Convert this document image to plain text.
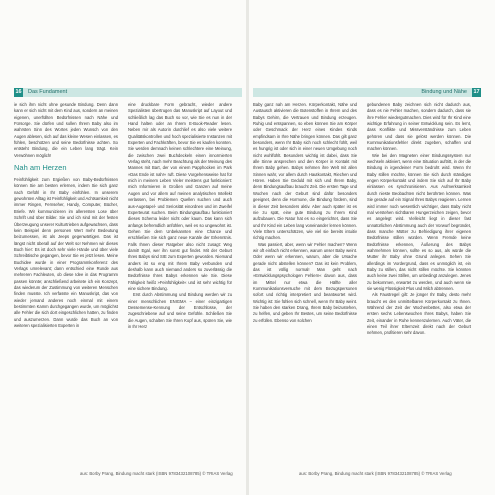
16 Das Fundament

ie sich ihm nicht ohne gesunde Bindung. Denn dann kann er sich nicht mit dem Kind aus, sondern an meinen eigenen, unerfüllten Bedürfnissen nach Nähe und Fürsorge. Sie dürfen und sollen Ihrem Baby also im wahrsten Sinn des Wortes jeden Wunsch von den Augen ablesen, sich auf das kleine Wesen einlassen, es fühlen, beschützen und seine Bedürfnisse achten. So entsteht Bindung, die ein Leben lang trägt. Kein Verwöhnen möglich!

Nah am Herzen

Feinfühligkeit zum Ergießen von Baby-Bedürfnissen können Sie am besten erlernen, indem Sie sich ganz nach Gefühl in Ihr Baby einfühlen. In unserem gewohnten Alltag ist Feinfühligkeit und Achtsamkeit nicht immer Ringen, Fernseher, Handy, Computer, Bücher, Briefe. Wir kommunizieren im allerersten Lose über Schrift und über Bilder. Sie und ich sind mit der festen Überzeugung unserer Kulturtrieben aufgewachsen, dass kein Beispiel denn personen Wert mehr Bedeutung beizumessen, ist als Jeeps gegenwärtigen. Das ist längst nicht überall auf der Welt so! Nehmen wir dieses Buch hier: Es ist doch sehr viele Hände und über viele Schreibtische gegangen, bevor Sie es jetzt lesen. Meine Buchidee wurde in einer Programmkonferenz des Verlags umrelevant; dann entschied eine Runde aus mehreren Fachleuten, ob diese Idee in das Programm passen könnte; anschließend arbeitete ich ein Konzept, das wiederum der Zustimmung von weiteren Menschen finden musste. Ich verfasste ein Manuskript, das von wieder jemand anderes noch einmal mit einem bestimmten Kamm durchgegangen wurde, um möglichst alle Fehler die sich dort eingeschlichen hatten, zu finden und auszumerzen. Dann wurde das Buch an von weiteren spezialisierten Experten in

eine druckbare Form gebracht, wieder andere Spezialisten übertrugen das Manuskript auf Layout und schließlich lag das Buch so vor, wie Sie es nun in der Hand halten oder an Ihrem E-Book-Reader lesen. Neben mir als Autorin durchlief es also viele weitere Qualitätskontrollen und hoch spezialisierte Instanzen mit Experten und Fachkräften, bevor Sie es kaufen konnten. Sie werden demnach keinen schlechtere eine Meinung, die zwischen zwei Buchdeckeln einen innormierten Verlag steht, nach mehr Beachtung als der Meinung des Mannes mit Bart, der von einem Papphocken im Park »Das Ende ist nah!« ruft. Diese Vorgehensweise hat für mich in meinem Leben Vieler meistens gut funktioniert: mich Informieren in Großen und Ganzen auf meine Augen und vor allem auf meinen analytischen Intellekt verlassen, bei Problemen Quellen suchen und auch aus-Augetapel- und Seriosität einordnen und im Zweifel Experteurat suchen. Beim Bindungsaufbau funktioniert dieses Schema leider nicht oder kaum. Das kann sich anfangs befremdlich anfühlen, weil es so ungewohnt ist. Gehen Sie dem Unbekannten eine Chance und erschließen Sie sich ganz neue Kanäle der Erkenntnis. Falls Ihnen dieser Ratgeber also nicht zusagt: Weg damit! Egal, wer ihn sonst gut findet. Mit der Geburt Ihres Babys sind SIE zum Experten geworden. Niemand anders ist so eng mit Ihrem Baby verbunden und deshalb kann auch niemand anders so zuverlässig die Bedürfnisse Ihres Babys erkennen wie Sie. Diese Fähigkeit heißt »Feinfühligkeit« und ist sehr wichtig für eine sichere Bindung.

Erst durch Abstimmung und Bindung werden wir zu einer menschlichen ENIGMA – einer einzigartigen Dessemense-Kennung der Entschlüsse, der zugeschriebene auf und seine Gefühle. Schließen Sie die Augen, schalten Sie Ihren Kopf aus, spüren Sie, wie in Ihr Herz

aus: Borby Prang, Bindung macht stark (ISBN 9783432108785) © TRIAS Verlag
Bindung und Nähe 17

Baby ganz nah am Herzen. Körperkontakt, Nähe und Austausch aktivieren die Botenstoffen in Ihrem und des Babys Gehirn, die Vertrauen und Bindung erzeugen. Ruhig und entspannen, so eben können Sie am Körper oder Geschmack der Herz eines Kindes Kinds empfindsam in Ihre Nähe bringen können. Das gilt ganz besonders, wenn Ihr Baby sich noch schlecht fühlt, weil es hungrig ist oder sich in einer neuen Umgebung noch nicht wohlfühlt. Besonders wichtig ist dabei, dass Sie alle Sinne ansprechen und den Körper in Kontakt mit Ihrem Baby gehen. Babys nehmen ihre Welt mit allen Sinnen wahr, vor allem durch Hautkontakt, Riechen und Hören. Haben Sie Geduld mit sich und Ihrem Baby, denn Bindungsaufbau braucht Zeit. Die ersten Tage und Wochen nach der Geburt sind dafür besonders geeignet, denn die Hormone, die Bindung fördern, sind in dieser Zeit besonders aktiv. Aber auch später ist es nie zu spät, eine gute Bindung zu Ihrem Kind aufzubauen. Die Natur hat es so eingerichtet, dass Sie und Ihr Kind ein Leben lang voneinander lernen können. Viele Eltern unterschätzen, wie viel sie bereits intuitiv richtig machen.

Was passiert, aber, wenn wir Fehler machen? Wenn wir oft einfach nicht erkennen, warum unser Baby weint. Oder wenn wir erkennen, warum, aber die Ursache gerade nicht abstellen können? Das ist kein Problem, das ist völlig normal! Man geht nach »Entwicklungspsychologen Fehlern« davon aus, dass im Mittel nur etwa die Hälfte aller Kommunikationsversuche mit dem Bezugspersonen sofort und richtig interpretiert und beantwortet wird. Wichtig ist: Sie fühlen sich schnell, wenn Ihr Baby weint. Sie haben den starken Drang, Ihrem Baby beizustehen, zu helfen, und geben Ihr Bestes, um seine Bedürfnisse zu erfüllen. Ebenso von solchen

gebundenen Baby zeichnen sich nicht dadurch aus, dass es nie Fehler machen, sondern dadurch, dass sie ihre Fehler wiedergutmachen. Dies wird für Ihr Kind eine wichtige Erfahrung in seiner Entwicklung sein. Es lernt, dass Konflikte und Missverständnisse zum Leben gehören und dass sie gelöst werden können. Die Kommunikationsfehler direkt zugeben, schaffen und machen können.

Wie bei den Magneten einer Bindungssystem nur wechseln aktiviert, wenn eine Situation auftritt, in der die Bindung in irgendeiner Form bedroht wird. Wenn Ihr Baby stillen möchte, können Sie sich durch ständiges engen Körperkontakt und indem Sie sich auf Ihr Baby einlassen es synchronisieren. Aus Aufmerksamkeit durch nieste Beobachten nicht berührten können. Was Sie gerade auf ein Signal Ihres Babys reagieren. Lernen wird immer noch wesentlich wichtiger, dass Baby nicht mal verstehen sichtbaren Hungerzeichen zeigen, bevor es angelegt wird. Vielleicht liegt in dieser fast unnatürlichen Abstimmung auch der Vorwurf begründet, dass manche Mütter zu Befriedigung ihrer eigenen Bedürfnisse stillen würden. Wenn Fremde keine Bedürfnisse erkennen, Äußerung des Babys wahrnehmen können, sollte es so aus, als würde die Mutter ihr Baby ohne Grund anlegen. Sehen Sie allerdings im Vordergrund, dass es unmöglich ist, ein Baby zu stillen, das nicht stillen möchte. Sie könnten auch keine zwei Stillen, um unbedingt anzulegen. Jenes zu bekommen, erwartet zu werden, und auch wenn sie sie wenig Flüssigkeit Plus und Milch abtrennen.

Als Faustregel gilt: Je jünger Ihr Baby, desto mehr braucht es den unmittelbaren Körperkontakt zu Ihnen. Während der Zeit der Wochenbettes, also etwa der ersten sechs Lebenswochen Ihres Babys, haben Sie Zeit, einander in Ruhe kennenzulernen. Auch Väter, die einen Teil ihrer Elternzeit direkt nach der Geburt nehmen, profitieren sehr davon.

aus: Borby Prang, Bindung macht stark (ISBN 9783432108785) © TRIAS Verlag
